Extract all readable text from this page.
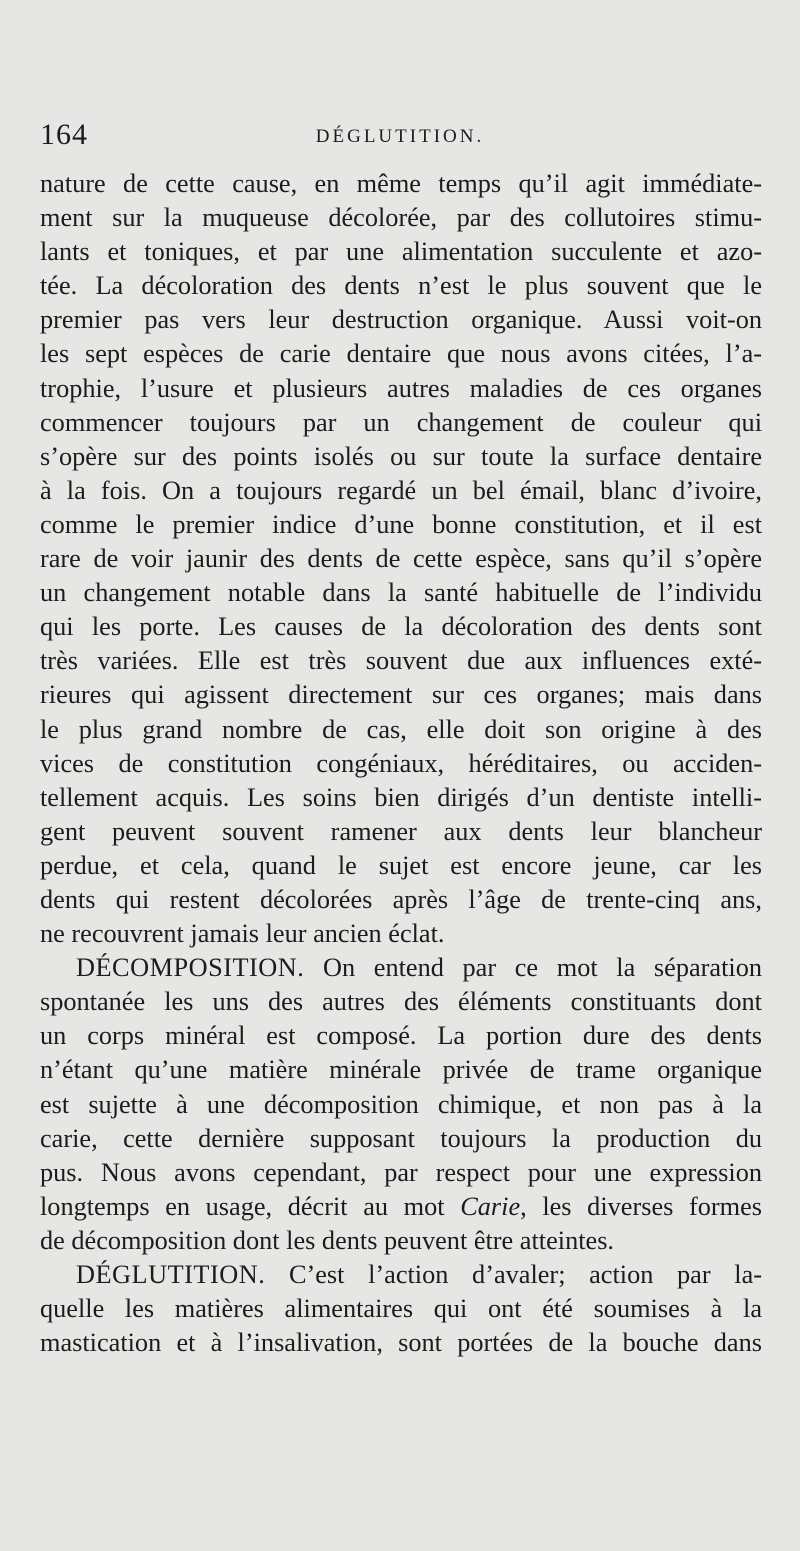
164	DÉGLUTITION.
nature de cette cause, en même temps qu’il agit immédiate-
ment sur la muqueuse décolorée, par des collutoires stimu-
lants et toniques, et par une alimentation succulente et azo-
tée. La décoloration des dents n’est le plus souvent que le
premier pas vers leur destruction organique. Aussi voit-on
les sept espèces de carie dentaire que nous avons citées, l’a-
trophie, l’usure et plusieurs autres maladies de ces organes
commencer toujours par un changement de couleur qui
s’opère sur des points isolés ou sur toute la surface dentaire
à la fois. On a toujours regardé un bel émail, blanc d’ivoire,
comme le premier indice d’une bonne constitution, et il est
rare de voir jaunir des dents de cette espèce, sans qu’il s’opère
un changement notable dans la santé habituelle de l’individu
qui les porte. Les causes de la décoloration des dents sont
très variées. Elle est très souvent due aux influences exté-
rieures qui agissent directement sur ces organes; mais dans
le plus grand nombre de cas, elle doit son origine à des
vices de constitution congéniaux, héréditaires, ou acciden-
tellement acquis. Les soins bien dirigés d’un dentiste intelli-
gent peuvent souvent ramener aux dents leur blancheur
perdue, et cela, quand le sujet est encore jeune, car les
dents qui restent décolorées après l’âge de trente-cinq ans,
ne recouvrent jamais leur ancien éclat.
DÉCOMPOSITION. On entend par ce mot la séparation
spontanée les uns des autres des éléments constituants dont
un corps minéral est composé. La portion dure des dents
n’étant qu’une matière minérale privée de trame organique
est sujette à une décomposition chimique, et non pas à la
carie, cette dernière supposant toujours la production du
pus. Nous avons cependant, par respect pour une expression
longtemps en usage, décrit au mot Carie, les diverses formes
de décomposition dont les dents peuvent être atteintes.
DÉGLUTITION. C’est l’action d’avaler; action par la-
quelle les matières alimentaires qui ont été soumises à la
mastication et à l’insalivation, sont portées de la bouche dans
